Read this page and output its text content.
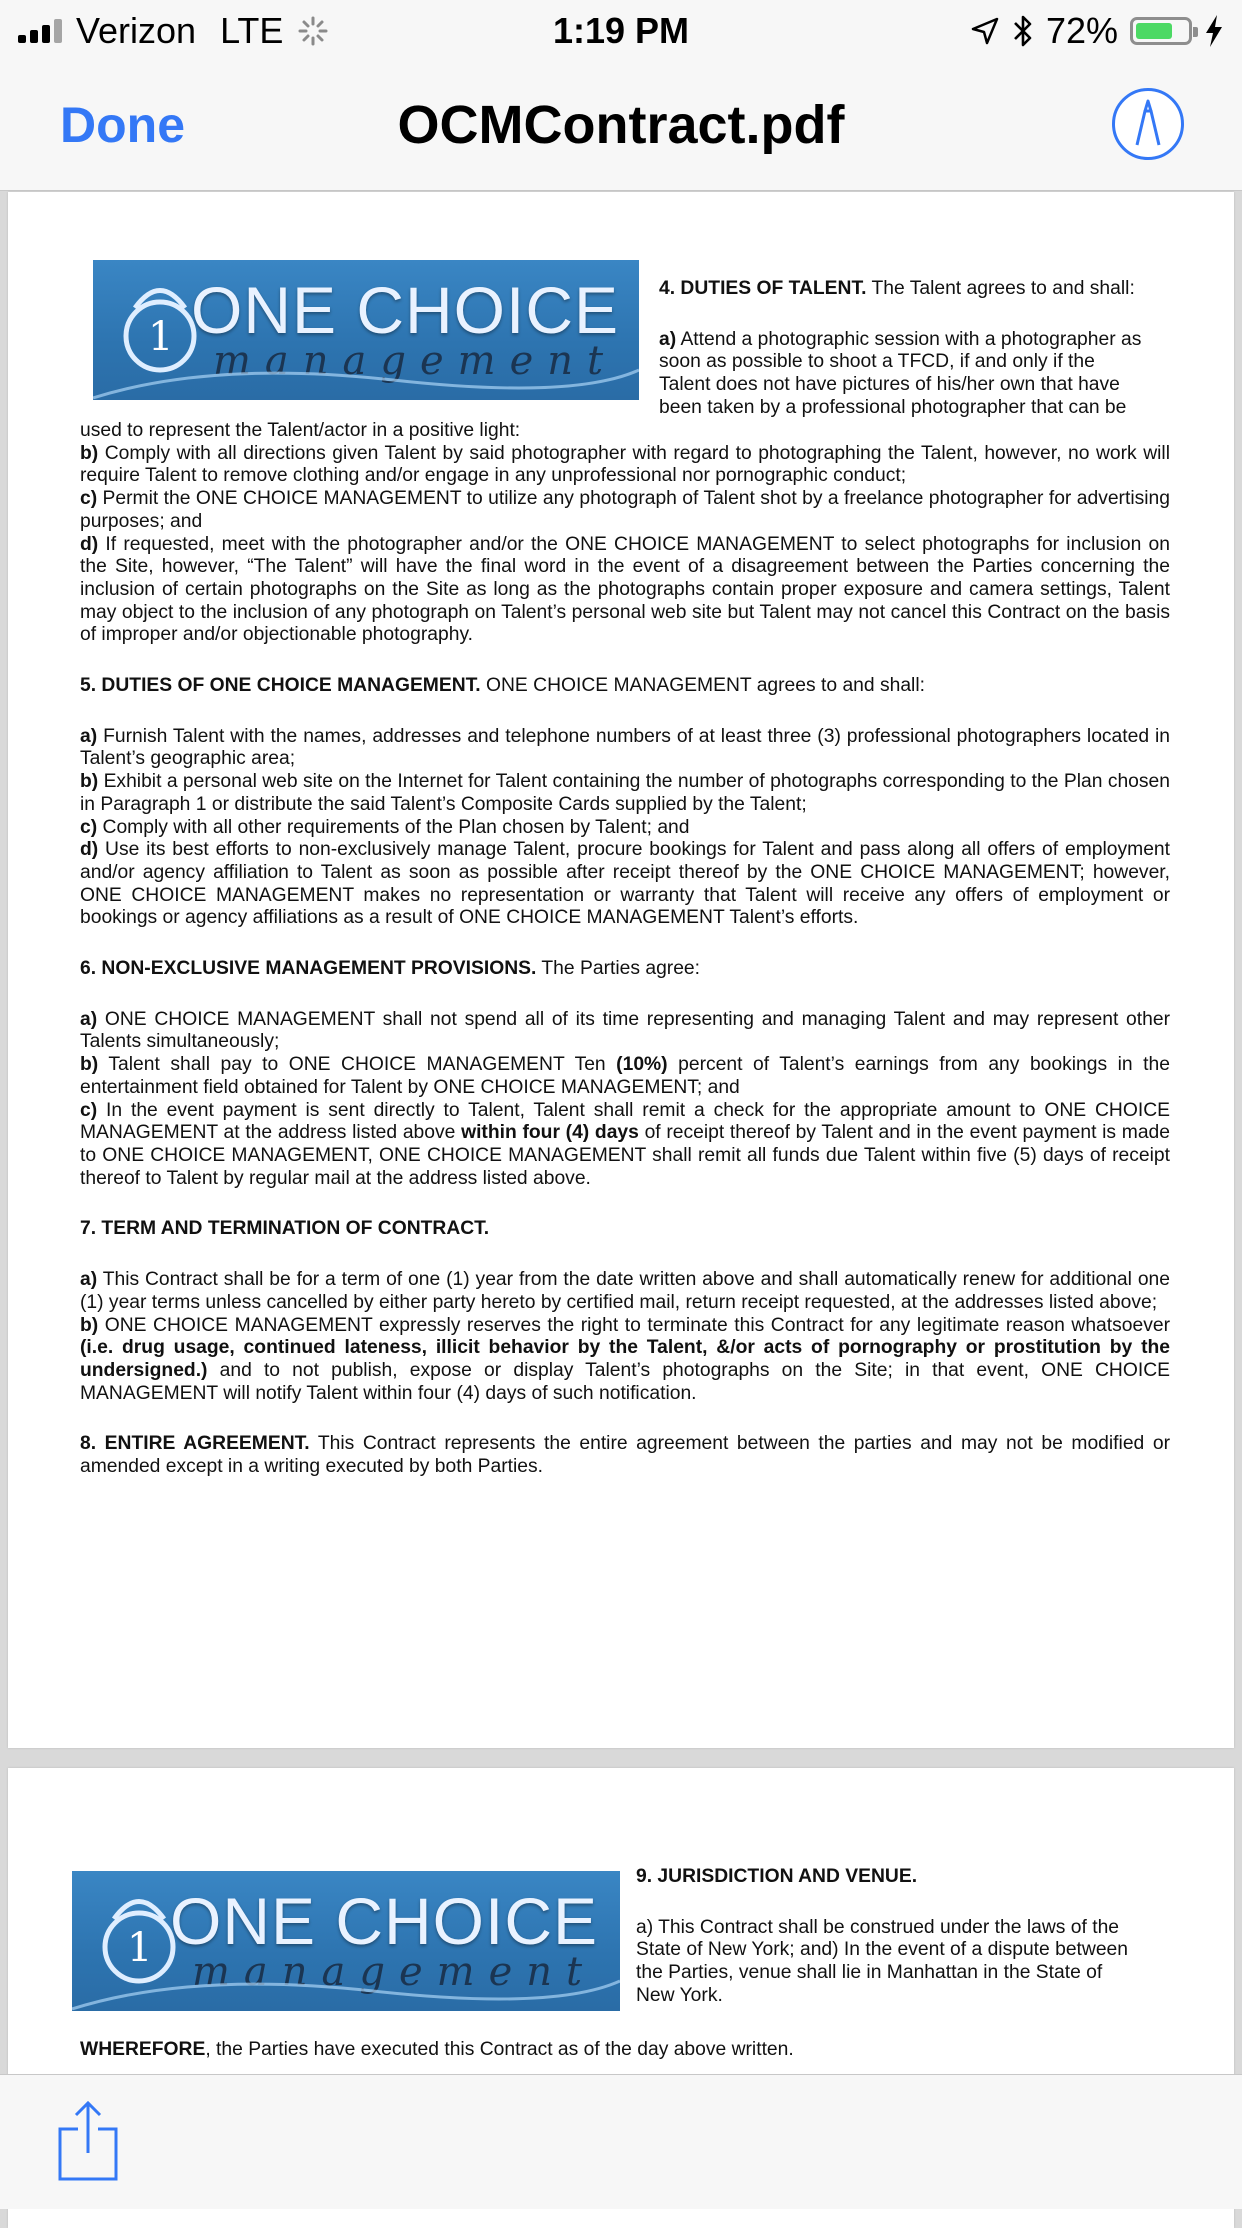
Verizon LTE	1:19 PM	72%
Done	OCMContract.pdf
1 ONE CHOICE
management

4. DUTIES OF TALENT. The Talent agrees to and shall:

a) Attend a photographic session with a photographer as

soon as possible to shoot a TFCD, if and only if the

Talent does not have pictures of his/her own that have

been taken by a professional photographer that can be

used to represent the Talent/actor in a positive light:

b) Comply with all directions given Talent by said photographer with regard to photographing the Talent, however, no work will require Talent to remove clothing and/or engage in any unprofessional nor pornographic conduct;

c) Permit the ONE CHOICE MANAGEMENT to utilize any photograph of Talent shot by a freelance photographer for advertising purposes; and

d) If requested, meet with the photographer and/or the ONE CHOICE MANAGEMENT to select photographs for inclusion on the Site, however, “The Talent” will have the final word in the event of a disagreement between the Parties concerning the inclusion of certain photographs on the Site as long as the photographs contain proper exposure and camera settings, Talent may object to the inclusion of any photograph on Talent’s personal web site but Talent may not cancel this Contract on the basis of improper and/or objectionable photography.

5. DUTIES OF ONE CHOICE MANAGEMENT. ONE CHOICE MANAGEMENT agrees to and shall:

a) Furnish Talent with the names, addresses and telephone numbers of at least three (3) professional photographers located in Talent’s geographic area;

b) Exhibit a personal web site on the Internet for Talent containing the number of photographs corresponding to the Plan chosen in Paragraph 1 or distribute the said Talent’s Composite Cards supplied by the Talent;

c) Comply with all other requirements of the Plan chosen by Talent; and

d) Use its best efforts to non-exclusively manage Talent, procure bookings for Talent and pass along all offers of employment and/or agency affiliation to Talent as soon as possible after receipt thereof by the ONE CHOICE MANAGEMENT; however, ONE CHOICE MANAGEMENT makes no representation or warranty that Talent will receive any offers of employment or bookings or agency affiliations as a result of ONE CHOICE MANAGEMENT Talent’s efforts.

6. NON-EXCLUSIVE MANAGEMENT PROVISIONS. The Parties agree:

a) ONE CHOICE MANAGEMENT shall not spend all of its time representing and managing Talent and may represent other Talents simultaneously;

b) Talent shall pay to ONE CHOICE MANAGEMENT Ten (10%) percent of Talent’s earnings from any bookings in the entertainment field obtained for Talent by ONE CHOICE MANAGEMENT; and

c) In the event payment is sent directly to Talent, Talent shall remit a check for the appropriate amount to ONE CHOICE MANAGEMENT at the address listed above within four (4) days of receipt thereof by Talent and in the event payment is made to ONE CHOICE MANAGEMENT, ONE CHOICE MANAGEMENT shall remit all funds due Talent within five (5) days of receipt thereof to Talent by regular mail at the address listed above.

7. TERM AND TERMINATION OF CONTRACT.

a) This Contract shall be for a term of one (1) year from the date written above and shall automatically renew for additional one (1) year terms unless cancelled by either party hereto by certified mail, return receipt requested, at the addresses listed above;

b) ONE CHOICE MANAGEMENT expressly reserves the right to terminate this Contract for any legitimate reason whatsoever (i.e. drug usage, continued lateness, illicit behavior by the Talent, &/or acts of pornography or prostitution by the undersigned.) and to not publish, expose or display Talent’s photographs on the Site; in that event, ONE CHOICE MANAGEMENT will notify Talent within four (4) days of such notification.

8. ENTIRE AGREEMENT. This Contract represents the entire agreement between the parties and may not be modified or amended except in a writing executed by both Parties.

1 ONE CHOICE
management

9. JURISDICTION AND VENUE.

a) This Contract shall be construed under the laws of the

State of New York; and) In the event of a dispute between

the Parties, venue shall lie in Manhattan in the State of

New York.

WHEREFORE, the Parties have executed this Contract as of the day above written.
